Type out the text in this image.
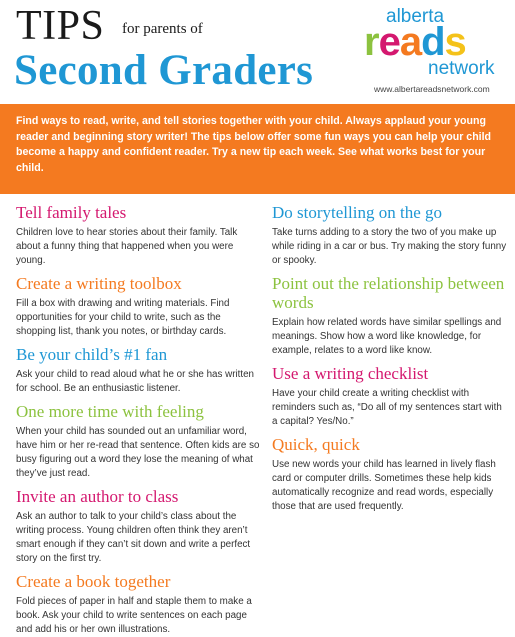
TIPS for parents of
Second Graders
alberta
reads
network
www.albertareadsnetwork.com
Find ways to read, write, and tell stories together with your child. Always applaud your young reader and beginning story writer! The tips below offer some fun ways you can help your child become a happy and confident reader. Try a new tip each week. See what works best for your child.
Tell family tales

Children love to hear stories about their family. Talk about a funny thing that happened when you were young.

Create a writing toolbox

Fill a box with drawing and writing materials. Find opportunities for your child to write, such as the shopping list, thank you notes, or birthday cards.

Be your child’s #1 fan

Ask your child to read aloud what he or she has written for school. Be an enthusiastic listener.

One more time with feeling

When your child has sounded out an unfamiliar word, have him or her re-read that sentence. Often kids are so busy figuring out a word they lose the meaning of what they’ve just read.

Invite an author to class

Ask an author to talk to your child’s class about the writing process. Young children often think they aren’t smart enough if they can’t sit down and write a perfect story on the first try.

Create a book together

Fold pieces of paper in half and staple them to make a book. Ask your child to write sentences on each page and add his or her own illustrations.

Do storytelling on the go

Take turns adding to a story the two of you make up while riding in a car or bus. Try making the story funny or spooky.

Point out the relationship between words

Explain how related words have similar spellings and meanings. Show how a word like knowledge, for example, relates to a word like know.

Use a writing checklist

Have your child create a writing checklist with reminders such as, “Do all of my sentences start with a capital? Yes/No.”

Quick, quick

Use new words your child has learned in lively flash card or computer drills. Sometimes these help kids automatically recognize and read words, especially those that are used frequently.
